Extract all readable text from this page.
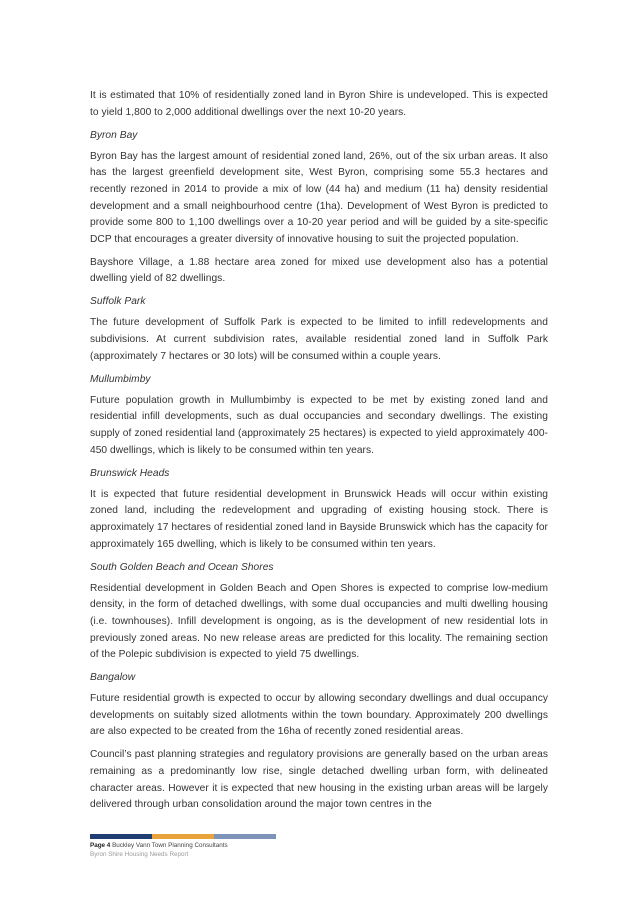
It is estimated that 10% of residentially zoned land in Byron Shire is undeveloped. This is expected to yield 1,800 to 2,000 additional dwellings over the next 10-20 years.

Byron Bay

Byron Bay has the largest amount of residential zoned land, 26%, out of the six urban areas. It also has the largest greenfield development site, West Byron, comprising some 55.3 hectares and recently rezoned in 2014 to provide a mix of low (44 ha) and medium (11 ha) density residential development and a small neighbourhood centre (1ha). Development of West Byron is predicted to provide some 800 to 1,100 dwellings over a 10-20 year period and will be guided by a site-specific DCP that encourages a greater diversity of innovative housing to suit the projected population.

Bayshore Village, a 1.88 hectare area zoned for mixed use development also has a potential dwelling yield of 82 dwellings.

Suffolk Park

The future development of Suffolk Park is expected to be limited to infill redevelopments and subdivisions. At current subdivision rates, available residential zoned land in Suffolk Park (approximately 7 hectares or 30 lots) will be consumed within a couple years.

Mullumbimby

Future population growth in Mullumbimby is expected to be met by existing zoned land and residential infill developments, such as dual occupancies and secondary dwellings. The existing supply of zoned residential land (approximately 25 hectares) is expected to yield approximately 400-450 dwellings, which is likely to be consumed within ten years.

Brunswick Heads

It is expected that future residential development in Brunswick Heads will occur within existing zoned land, including the redevelopment and upgrading of existing housing stock. There is approximately 17 hectares of residential zoned land in Bayside Brunswick which has the capacity for approximately 165 dwelling, which is likely to be consumed within ten years.

South Golden Beach and Ocean Shores

Residential development in Golden Beach and Open Shores is expected to comprise low-medium density, in the form of detached dwellings, with some dual occupancies and multi dwelling housing (i.e. townhouses). Infill development is ongoing, as is the development of new residential lots in previously zoned areas. No new release areas are predicted for this locality. The remaining section of the Polepic subdivision is expected to yield 75 dwellings.

Bangalow

Future residential growth is expected to occur by allowing secondary dwellings and dual occupancy developments on suitably sized allotments within the town boundary. Approximately 200 dwellings are also expected to be created from the 16ha of recently zoned residential areas.

Council’s past planning strategies and regulatory provisions are generally based on the urban areas remaining as a predominantly low rise, single detached dwelling urban form, with delineated character areas. However it is expected that new housing in the existing urban areas will be largely delivered through urban consolidation around the major town centres in the

Page 4 Buckley Vann Town Planning Consultants
Byron Shire Housing Needs Report
